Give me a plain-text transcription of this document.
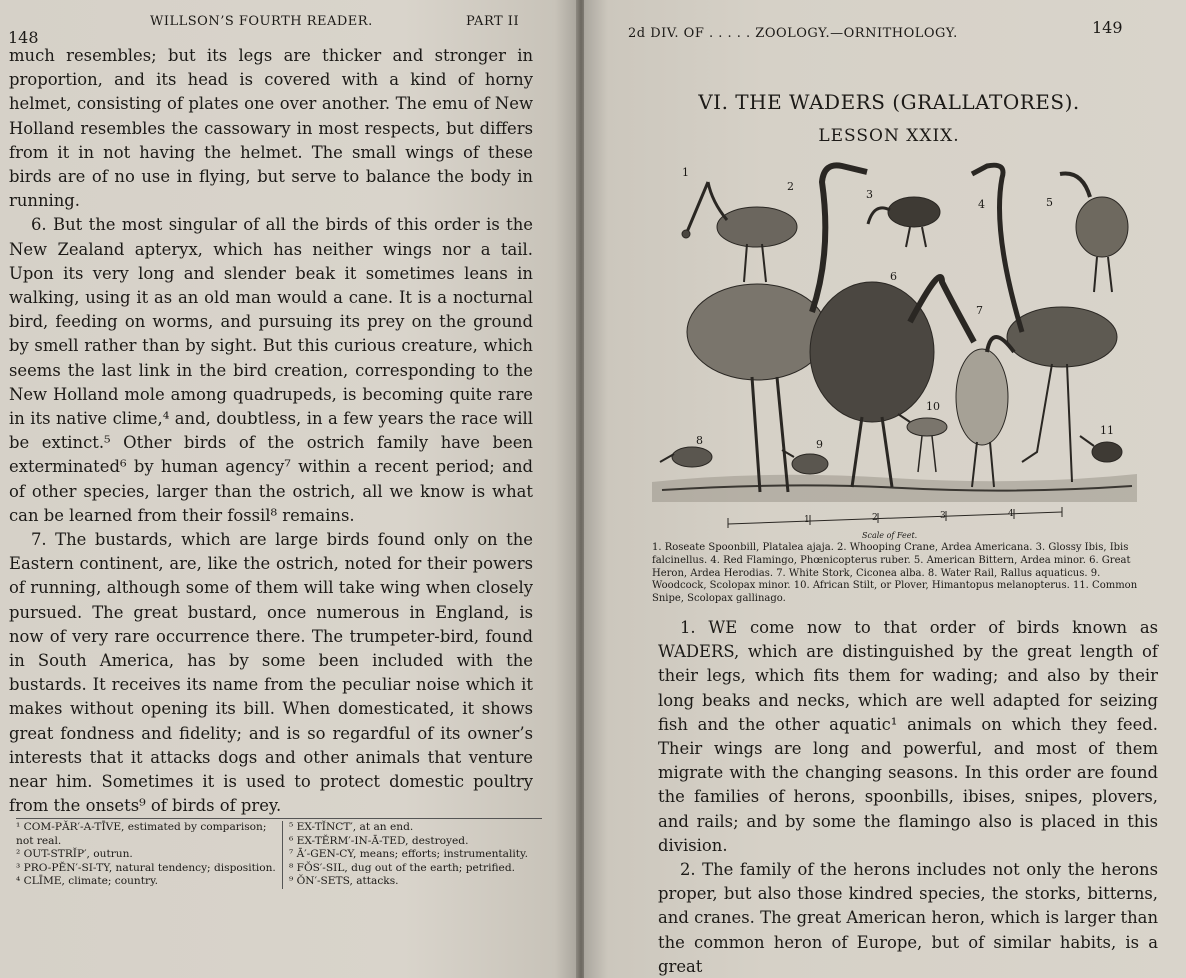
148
WILLSON’S FOURTH READER.	PART II

much resembles; but its legs are thicker and stronger in proportion, and its head is covered with a kind of horny helmet, consisting of plates one over another. The emu of New Holland resembles the cassowary in most respects, but differs from it in not having the helmet. The small wings of these birds are of no use in flying, but serve to balance the body in running.

6. But the most singular of all the birds of this order is the New Zealand apteryx, which has neither wings nor a tail. Upon its very long and slender beak it sometimes leans in walking, using it as an old man would a cane. It is a nocturnal bird, feeding on worms, and pursuing its prey on the ground by smell rather than by sight. But this curious creature, which seems the last link in the bird creation, corresponding to the New Holland mole among quadrupeds, is becoming quite rare in its native clime,⁴ and, doubtless, in a few years the race will be extinct.⁵ Other birds of the ostrich family have been exterminated⁶ by human agency⁷ within a recent period; and of other species, larger than the ostrich, all we know is what can be learned from their fossil⁸ remains.

7. The bustards, which are large birds found only on the Eastern continent, are, like the ostrich, noted for their powers of running, although some of them will take wing when closely pursued. The great bustard, once numerous in England, is now of very rare occurrence there. The trumpeter-bird, found in South America, has by some been included with the bustards. It receives its name from the peculiar noise which it makes without opening its bill. When domesticated, it shows great fondness and fidelity; and is so regardful of its owner’s interests that it attacks dogs and other animals that venture near him. Sometimes it is used to protect domestic poultry from the onsets⁹ of birds of prey.

¹ COM-PĂR′-A-TĪVE, estimated by comparison; not real.
² OUT-STRĬP′, outrun.
³ PRO-PĔN′-SI-TY, natural tendency; disposition.
⁴ CLĪME, climate; country.
⁵ EX-TĬNCT′, at an end.
⁶ EX-TĔRM′-IN-Ā-TED, destroyed.
⁷ Ā′-GEN-CY, means; efforts; instrumentality.
⁸ FŎS′-SIL, dug out of the earth; petrified.
⁹ ŎN′-SETS, attacks.
2d DIV. OF . . . . . ZOOLOGY.—ORNITHOLOGY.	149
VI. THE WADERS (GRALLATORES).
LESSON XXIX.
1
2
3
4	5
6
7
8	9
10
11
1	2	3	4
Scale of Feet.
1. Roseate Spoonbill, Platalea ajaja. 2. Whooping Crane, Ardea Americana. 3. Glossy Ibis, Ibis falcinellus. 4. Red Flamingo, Phœnicopterus ruber. 5. American Bittern, Ardea minor. 6. Great Heron, Ardea Herodias. 7. White Stork, Ciconea alba. 8. Water Rail, Rallus aquaticus. 9. Woodcock, Scolopax minor. 10. African Stilt, or Plover, Himantopus melanopterus. 11. Common Snipe, Scolopax gallinago.

1. WE come now to that order of birds known as WADERS, which are distinguished by the great length of their legs, which fits them for wading; and also by their long beaks and necks, which are well adapted for seizing fish and the other aquatic¹ animals on which they feed. Their wings are long and powerful, and most of them migrate with the changing seasons. In this order are found the families of herons, spoonbills, ibises, snipes, plovers, and rails; and by some the flamingo also is placed in this division.

2. The family of the herons includes not only the herons proper, but also those kindred species, the storks, bitterns, and cranes. The great American heron, which is larger than the common heron of Europe, but of similar habits, is a great
